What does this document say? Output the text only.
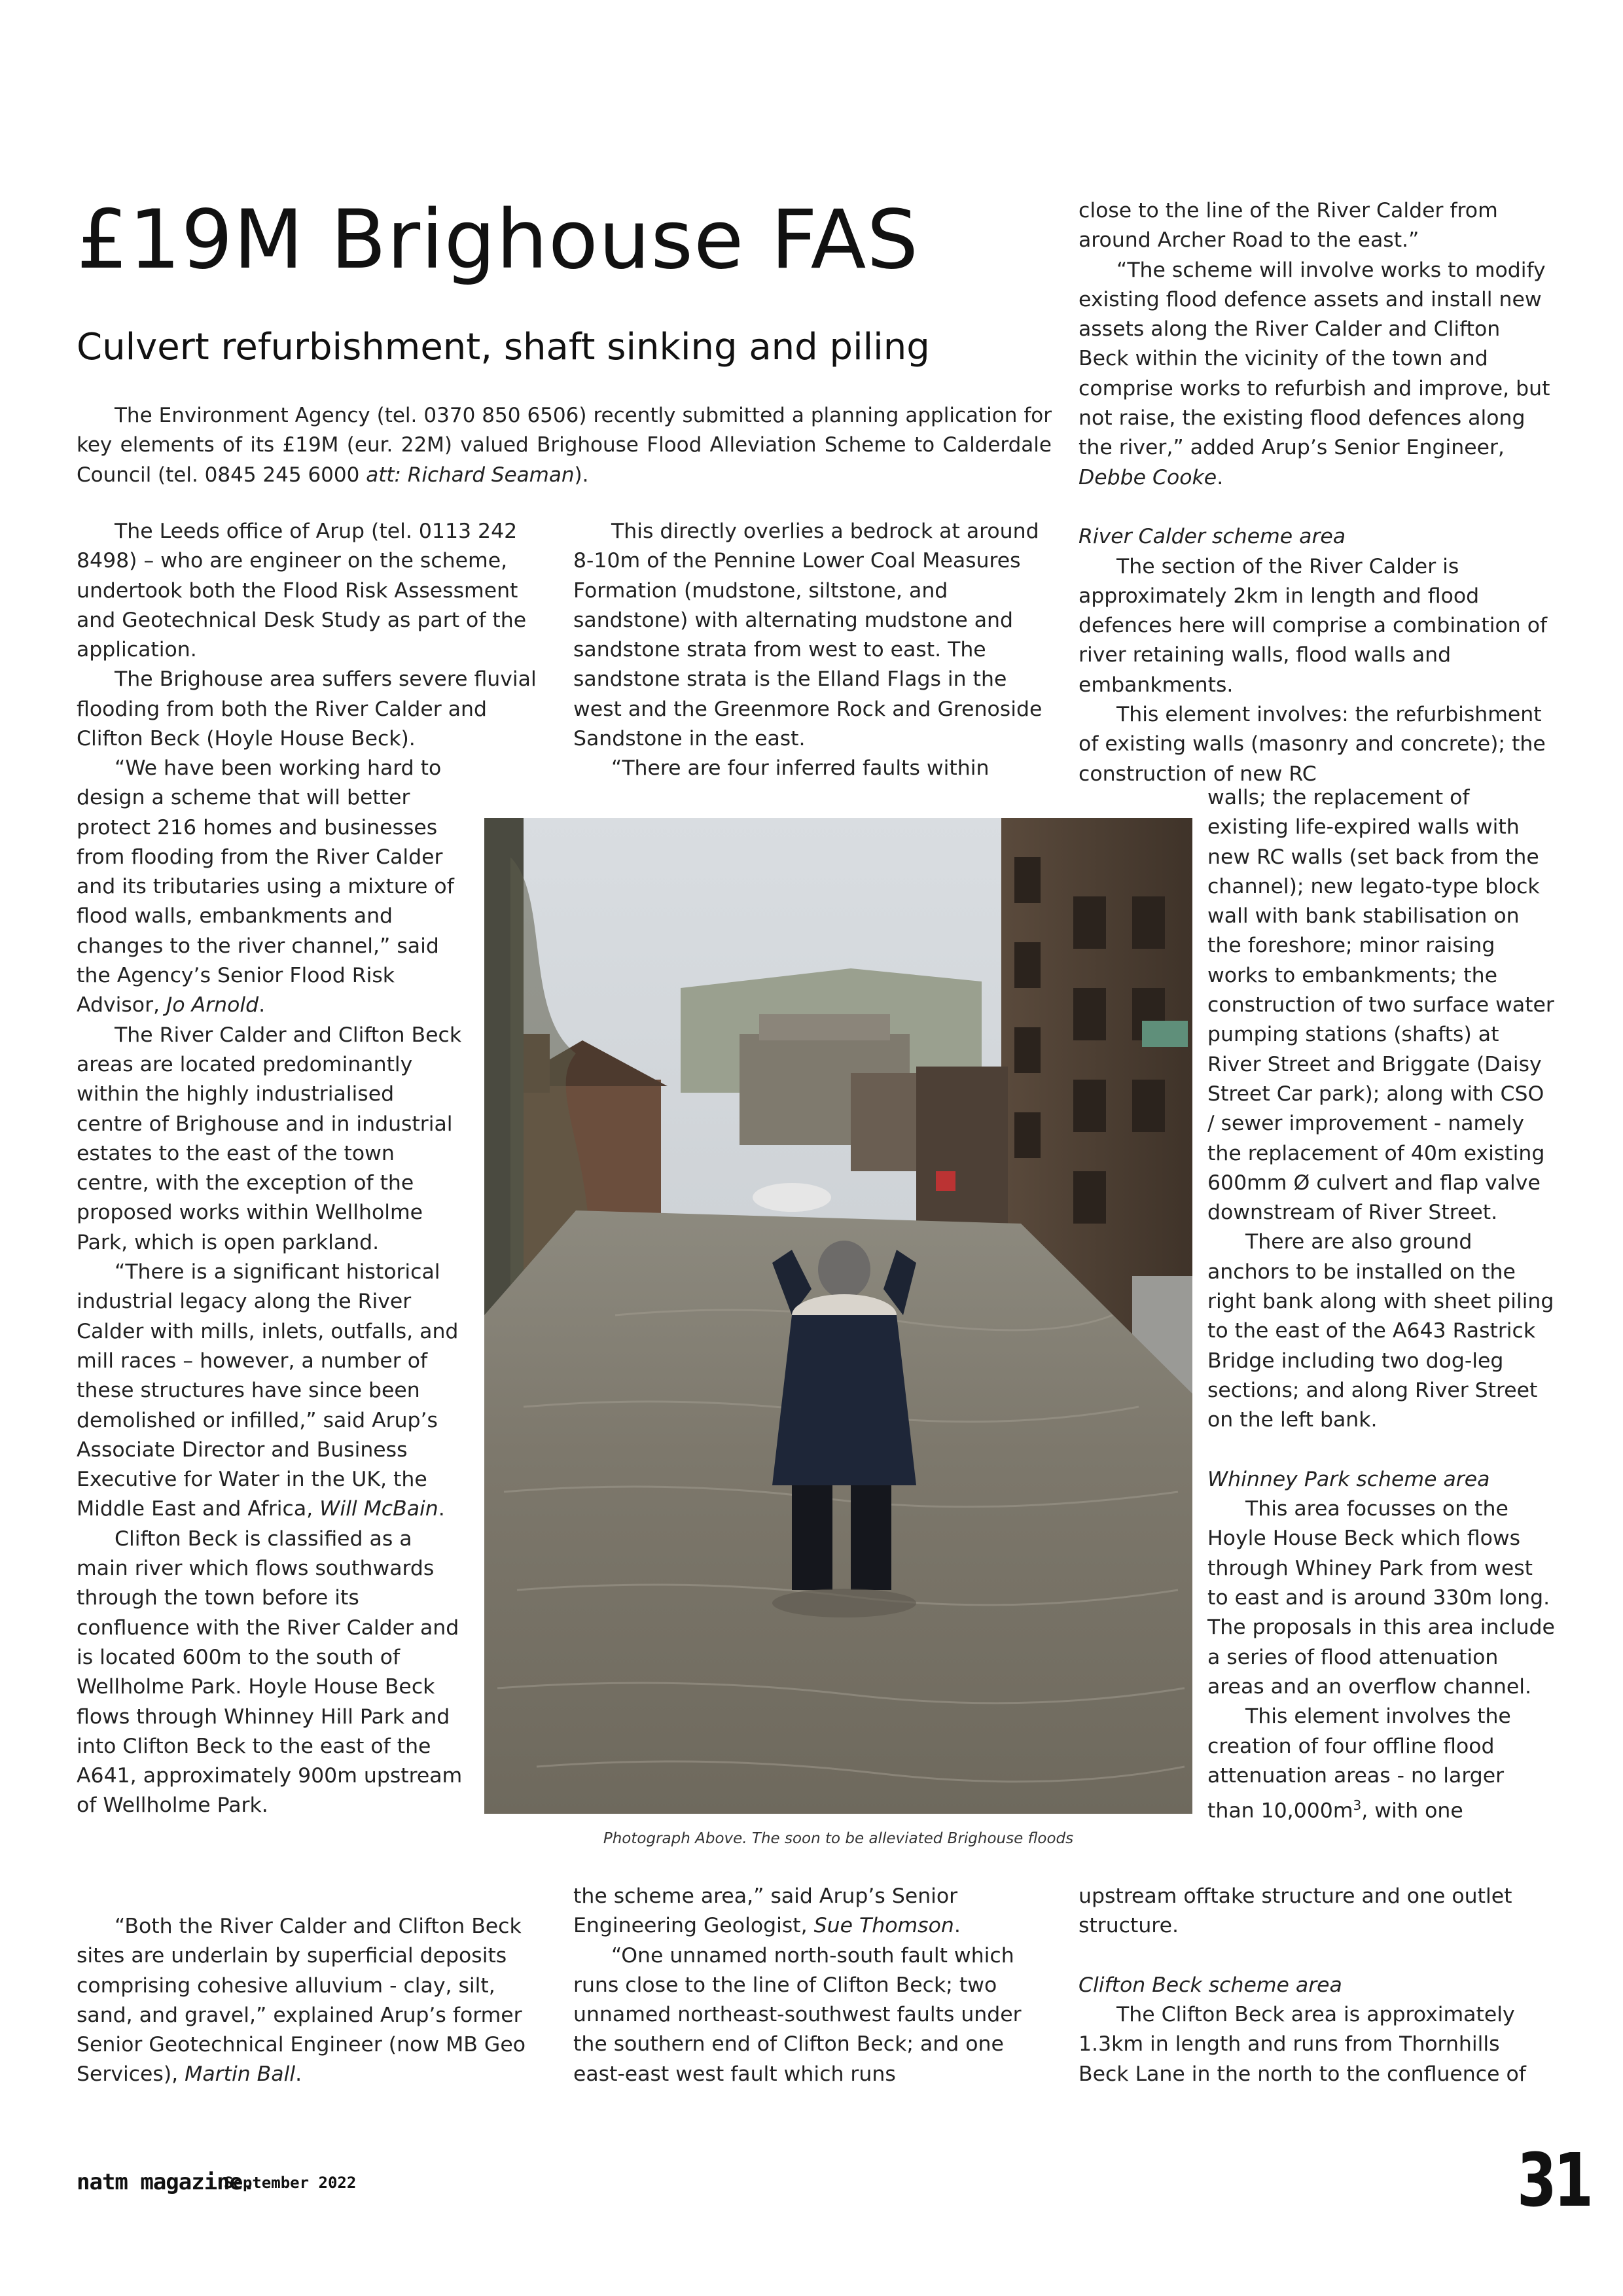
£19M Brighouse FAS
Culvert refurbishment, shaft sinking and piling

The Environment Agency (tel. 0370 850 6506) recently submitted a planning application for key elements of its £19M (eur. 22M) valued Brighouse Flood Alleviation Scheme to Calderdale Council (tel. 0845 245 6000 att: Richard Seaman).

The Leeds office of Arup (tel. 0113 242 8498) – who are engineer on the scheme, undertook both the Flood Risk Assessment and Geotechnical Desk Study as part of the application.

The Brighouse area suffers severe fluvial flooding from both the River Calder and Clifton Beck (Hoyle House Beck).

“We have been working hard to design a scheme that will better protect 216 homes and businesses from flooding from the River Calder and its tributaries using a mixture of flood walls, embankments and changes to the river channel,” said the Agency’s Senior Flood Risk Advisor, Jo Arnold.

The River Calder and Clifton Beck areas are located predominantly within the highly industrialised centre of Brighouse and in industrial estates to the east of the town centre, with the exception of the proposed works within Wellholme Park, which is open parkland.

“There is a significant historical industrial legacy along the River Calder with mills, inlets, outfalls, and mill races – however, a number of these structures have since been demolished or infilled,” said Arup’s Associate Director and Business Executive for Water in the UK, the Middle East and Africa, Will McBain.

Clifton Beck is classified as a main river which flows southwards through the town before its confluence with the River Calder and is located 600m to the south of Wellholme Park. Hoyle House Beck flows through Whinney Hill Park and into Clifton Beck to the east of the A641, approximately 900m upstream of Wellholme Park.

“Both the River Calder and Clifton Beck sites are underlain by superficial deposits comprising cohesive alluvium - clay, silt, sand, and gravel,” explained Arup’s former Senior Geotechnical Engineer (now MB Geo Services), Martin Ball.

This directly overlies a bedrock at around 8-10m of the Pennine Lower Coal Measures Formation (mudstone, siltstone, and sandstone) with alternating mudstone and sandstone strata from west to east. The sandstone strata is the Elland Flags in the west and the Greenmore Rock and Grenoside Sandstone in the east.

“There are four inferred faults within

the scheme area,” said Arup’s Senior Engineering Geologist, Sue Thomson.

“One unnamed north-south fault which runs close to the line of Clifton Beck; two unnamed northeast-southwest faults under the southern end of Clifton Beck; and one east-east west fault which runs

close to the line of the River Calder from around Archer Road to the east.”

“The scheme will involve works to modify existing flood defence assets and install new assets along the River Calder and Clifton Beck within the vicinity of the town and comprise works to refurbish and improve, but not raise, the existing flood defences along the river,” added Arup’s Senior Engineer, Debbe Cooke.

River Calder scheme area

The section of the River Calder is approximately 2km in length and flood defences here will comprise a combination of river retaining walls, flood walls and embankments.

This element involves: the refurbishment of existing walls (masonry and concrete); the construction of new RC

walls; the replacement of existing life-expired walls with new RC walls (set back from the channel); new legato-type block wall with bank stabilisation on the foreshore; minor raising works to embankments; the construction of two surface water pumping stations (shafts) at River Street and Briggate (Daisy Street Car park); along with CSO / sewer improvement - namely the replacement of 40m existing 600mm Ø culvert and flap valve downstream of River Street.

There are also ground anchors to be installed on the right bank along with sheet piling to the east of the A643 Rastrick Bridge including two dog-leg sections; and along River Street on the left bank.

Whinney Park scheme area

This area focusses on the Hoyle House Beck which flows through Whiney Park from west to east and is around 330m long. The proposals in this area include a series of flood attenuation areas and an overflow channel.

This element involves the creation of four offline flood attenuation areas - no larger than $10,000m^3$, with one

upstream offtake structure and one outlet structure.

Clifton Beck scheme area

The Clifton Beck area is approximately 1.3km in length and runs from Thornhills Beck Lane in the north to the confluence of

Photograph Above. The soon to be alleviated Brighouse floods

natm magazine.
September 2022	31
